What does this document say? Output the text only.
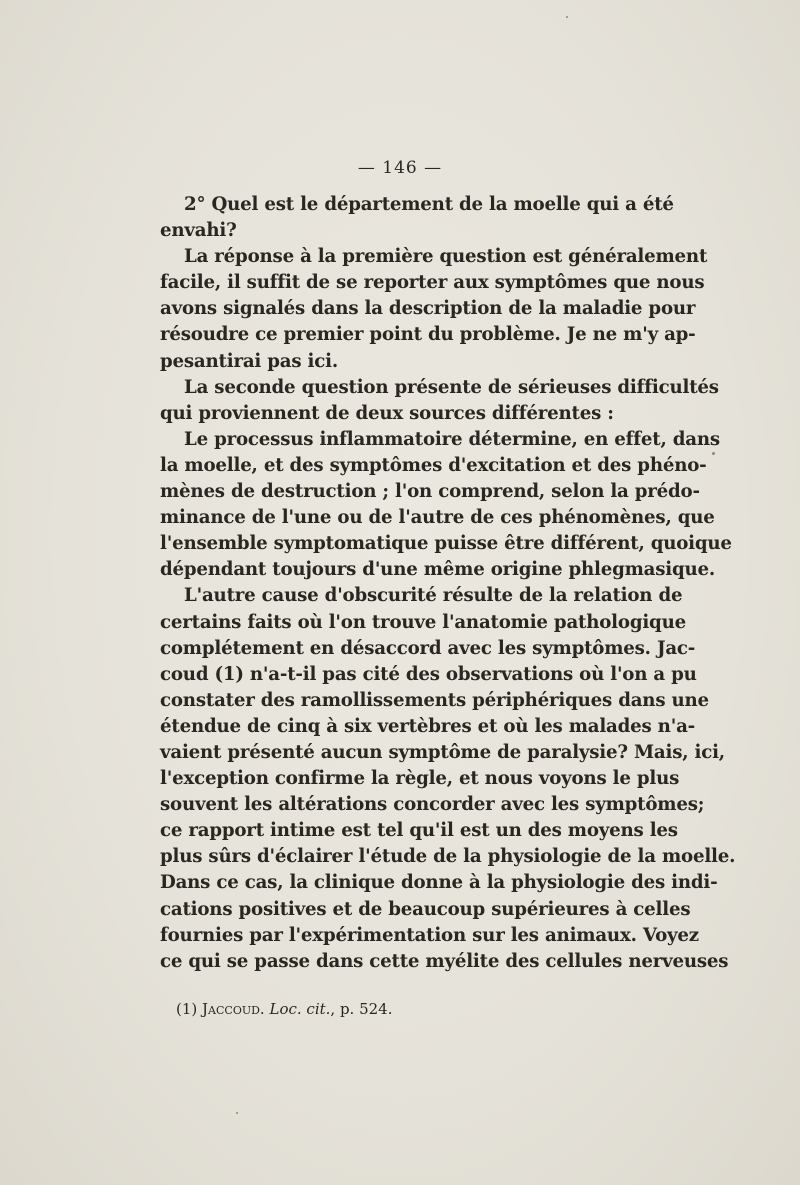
— 146 —
2° Quel est le département de la moelle qui a été
envahi?
La réponse à la première question est généralement
facile, il suffit de se reporter aux symptômes que nous
avons signalés dans la description de la maladie pour
résoudre ce premier point du problème. Je ne m'y ap-
pesantirai pas ici.
La seconde question présente de sérieuses difficultés
qui proviennent de deux sources différentes :
Le processus inflammatoire détermine, en effet, dans
la moelle, et des symptômes d'excitation et des phéno-
mènes de destruction ; l'on comprend, selon la prédo-
minance de l'une ou de l'autre de ces phénomènes, que
l'ensemble symptomatique puisse être différent, quoique
dépendant toujours d'une même origine phlegmasique.
L'autre cause d'obscurité résulte de la relation de
certains faits où l'on trouve l'anatomie pathologique
complétement en désaccord avec les symptômes. Jac-
coud (1) n'a-t-il pas cité des observations où l'on a pu
constater des ramollissements périphériques dans une
étendue de cinq à six vertèbres et où les malades n'a-
vaient présenté aucun symptôme de paralysie? Mais, ici,
l'exception confirme la règle, et nous voyons le plus
souvent les altérations concorder avec les symptômes;
ce rapport intime est tel qu'il est un des moyens les
plus sûrs d'éclairer l'étude de la physiologie de la moelle.
Dans ce cas, la clinique donne à la physiologie des indi-
cations positives et de beaucoup supérieures à celles
fournies par l'expérimentation sur les animaux. Voyez
ce qui se passe dans cette myélite des cellules nerveuses
(1) Jaccoud. Loc. cit., p. 524.
